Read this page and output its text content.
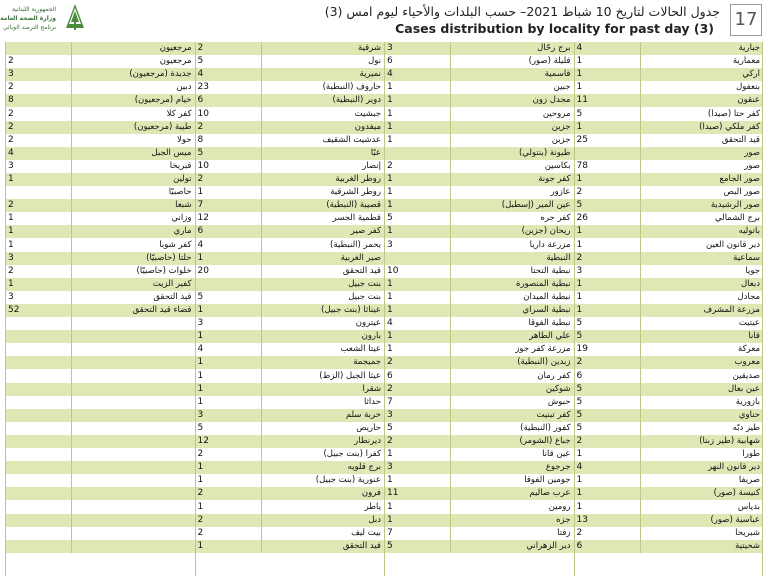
الجمهورية اللبنانية
وزارة الصحة العامة
برنامج الترصد الوبائي
جدول الحالات لتاريخ 10 شباط 2021– حسب البلدات والأحياء ليوم امس (3)
Cases distribution by locality for past day (3) 17
4	جبارية
1	معمارية
1	اركي
1	بنعفول
11	عنقون
5	كفر حتا (صيدا)
1	كفر ملكي (صيدا)
25	قيد التحقق
صور
78	صور
1	صور الجامع
2	صور البص
5	صور الرشيدية
26	برج الشمالي
1	باتوليه
1	دير قانون العين
2	سماعية
3	جويا
1	دبعال
1	مجادل
1	مزرعة المشرف
5	عيتيت
5	قانا
19	معركة
2	معروب
6	صديقين
5	عين بعال
5	بازورية
5	حناوي
5	طير دبّه
2	شهابية (طير زبنا)
1	طورا
4	دير قانون النهر
1	صريفا
1	كنيسة (صور)
1	بدياس
13	عباسية (صور)
2	شبريحا
6	شحيتية
3	برج رحّال
6	فليلة (صور)
4	قاسمية
1	جبين
1	مجدل زون
1	مروحين
1	جزين
1	جزين
طيونة (بنتولي)
2	بكاسين
1	كفر جونة
1	عازور
1	عين المير (إسطبل)
5	كفر جره
1	ريحان (جزين)
3	مزرعة داريا
النبطية
10	نبطية التحتا
1	نبطية المنصورة
1	نبطية الميدان
1	نبطية السراي
4	نبطية الفوقا
1	علي الطاهر
1	مزرعة كفر جوز
2	زبدين (النبطية)
6	كفر رمان
2	شوكين
7	حبوش
3	كفر تبنيت
5	كفور (النبطية)
2	جباع (الشومر)
1	عين قانا
3	جرجوع
1	جومين الفوقا
11	عرب صاليم
1	رومين
1	جزه
7	زفتا
5	دير الزهراني
2	شرقية
5	نول
4	نميرية
23	حاروف (النبطية)
6	دوير (النبطية)
10	جبشيت
2	ميفدون
8	عدشيت الشقيف
5	عبّا
10	إنصار
2	روطر الغربية
1	روطر الشرقية
7	قصيبة (النبطية)
12	قطمية الجسر
6	كفر صير
4	يحمر (النبطية)
1	صير الغربية
20	قيد التحقق
بنت جبيل
5	بنت جبيل
1	عيناثا (بنت جبيل)
3	عيترون
1	بارون
4	عيتا الشعب
1	جميجمة
1	عيثا الجبل (الزط)
1	شقرا
1	حداثا
3	خربة سلم
5	حاريص
12	ديرنطار
2	كفرا (بنت جبيل)
1	برج قلويه
1	عنورية (بنت جبيل)
2	فرون
1	ياطر
2	دبل
2	بيت ليف
1	قيد التحقق
مرجعيون
2	مرجعيون
3	جديدة (مرجعيون)
2	دبين
8	خيام (مرجعيون)
2	كفر كلا
2	طيبة (مرجعيون)
2	حولا
4	ميس الجبل
3	قبريخا
1	تولين
حاصبيّا
2	شبعا
1	وزاني
1	ماري
1	كفر شوبا
3	حلتا (حاصبيّا)
2	خلوات (حاصبيّا)
1	كفير الزيت
3	قيد التحقق
52	قضاء قيد التحقق
